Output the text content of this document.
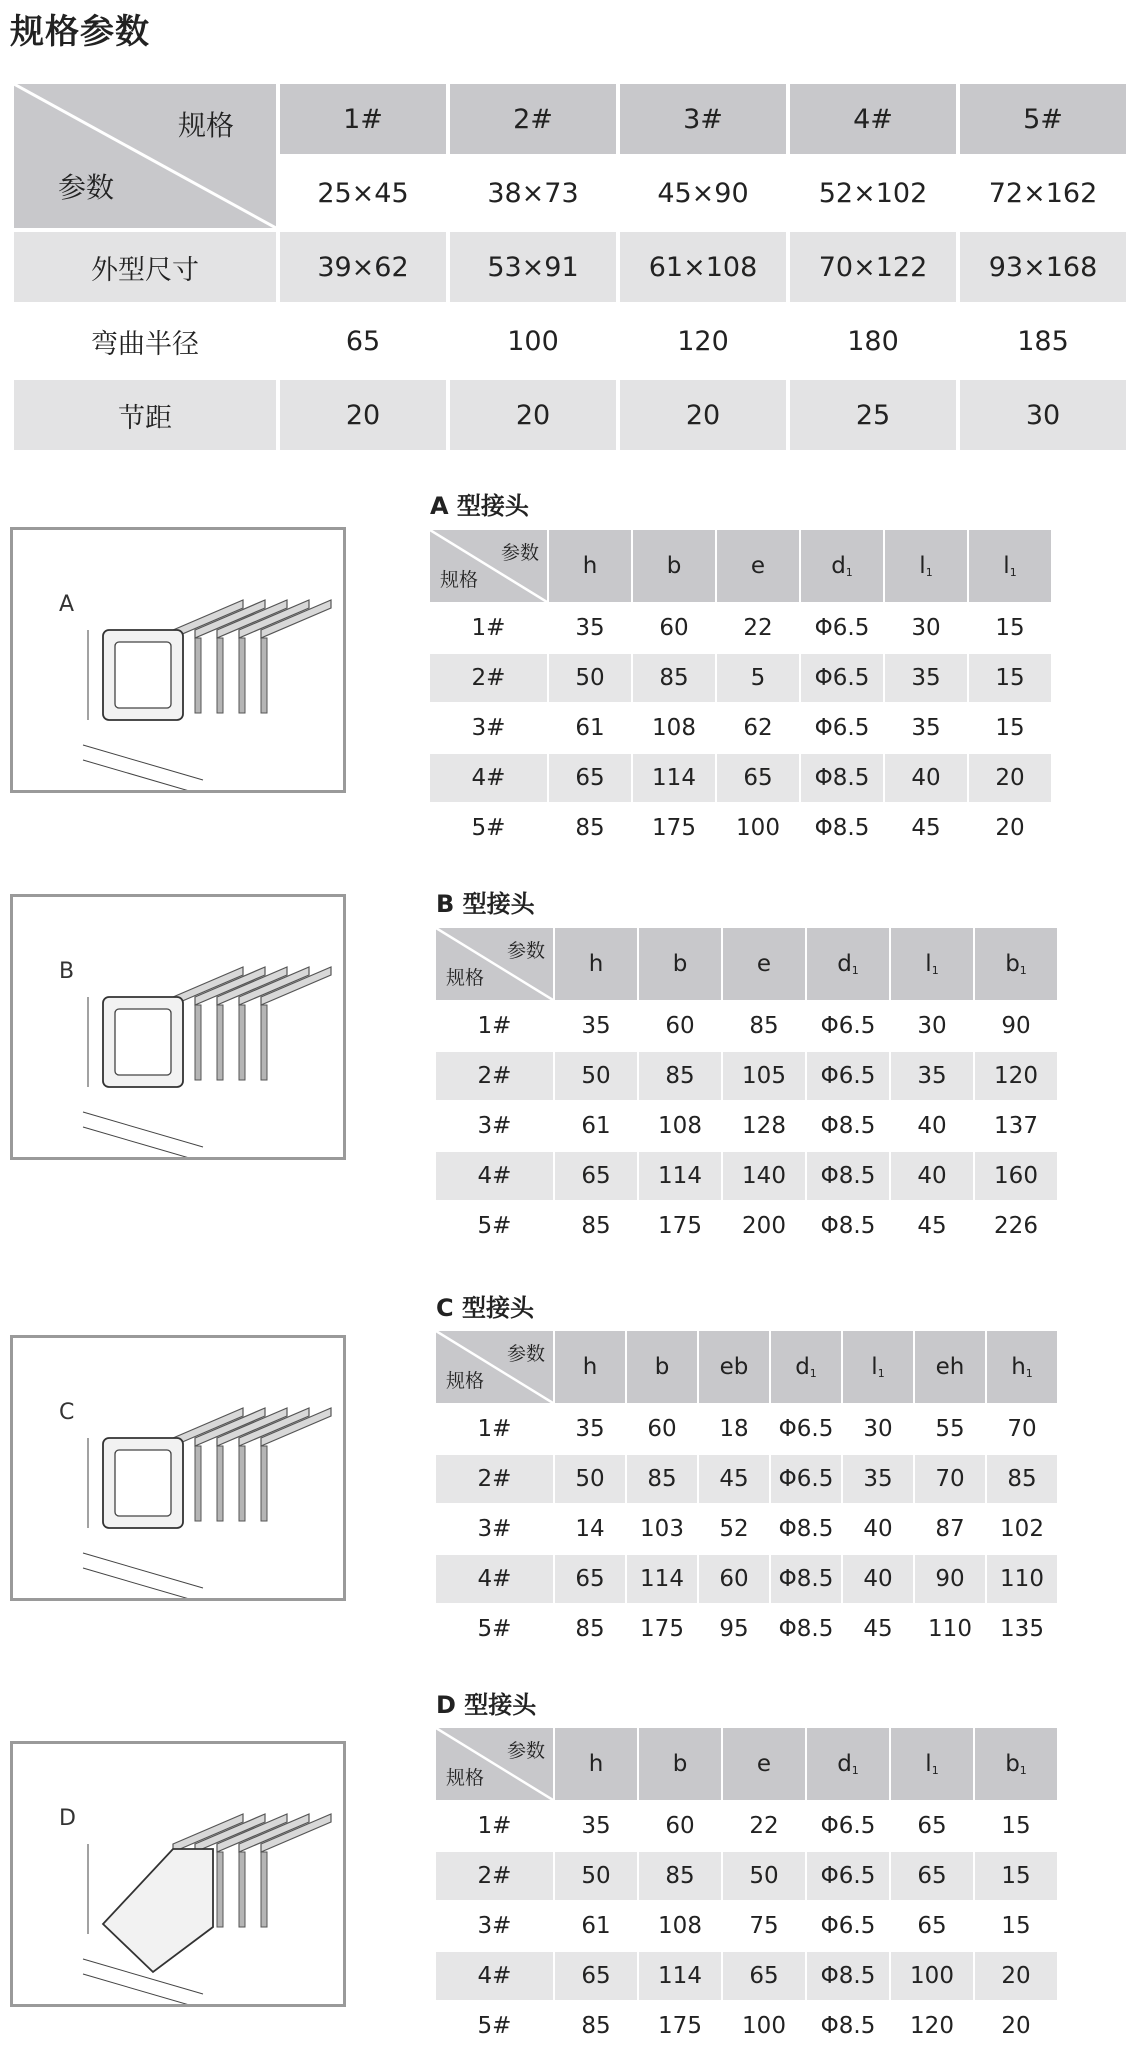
规格参数
规格
参数	1#	2#	3#	4#	5#
	25×45	38×73	45×90	52×102	72×162
外型尺寸	39×62	53×91	61×108	70×122	93×168
弯曲半径	65	100	120	180	185
节距	20	20	20	25	30
A 型接头
A
参数
规格	h	b	e	$d_1$	$l_1$	$l_1$
1#	35	60	22	Φ6.5	30	15
2#	50	85	5	Φ6.5	35	15
3#	61	108	62	Φ6.5	35	15
4#	65	114	65	Φ8.5	40	20
5#	85	175	100	Φ8.5	45	20
B 型接头
B
参数
规格	h	b	e	$d_1$	$l_1$	$b_1$
1#	35	60	85	Φ6.5	30	90
2#	50	85	105	Φ6.5	35	120
3#	61	108	128	Φ8.5	40	137
4#	65	114	140	Φ8.5	40	160
5#	85	175	200	Φ8.5	45	226
C 型接头
C
参数
规格	h	b	eb	$d_1$	$l_1$	eh	$h_1$
1#	35	60	18	Φ6.5	30	55	70
2#	50	85	45	Φ6.5	35	70	85
3#	14	103	52	Φ8.5	40	87	102
4#	65	114	60	Φ8.5	40	90	110
5#	85	175	95	Φ8.5	45	110	135
D 型接头
D
参数
规格	h	b	e	$d_1$	$l_1$	$b_1$
1#	35	60	22	Φ6.5	65	15
2#	50	85	50	Φ6.5	65	15
3#	61	108	75	Φ6.5	65	15
4#	65	114	65	Φ8.5	100	20
5#	85	175	100	Φ8.5	120	20
